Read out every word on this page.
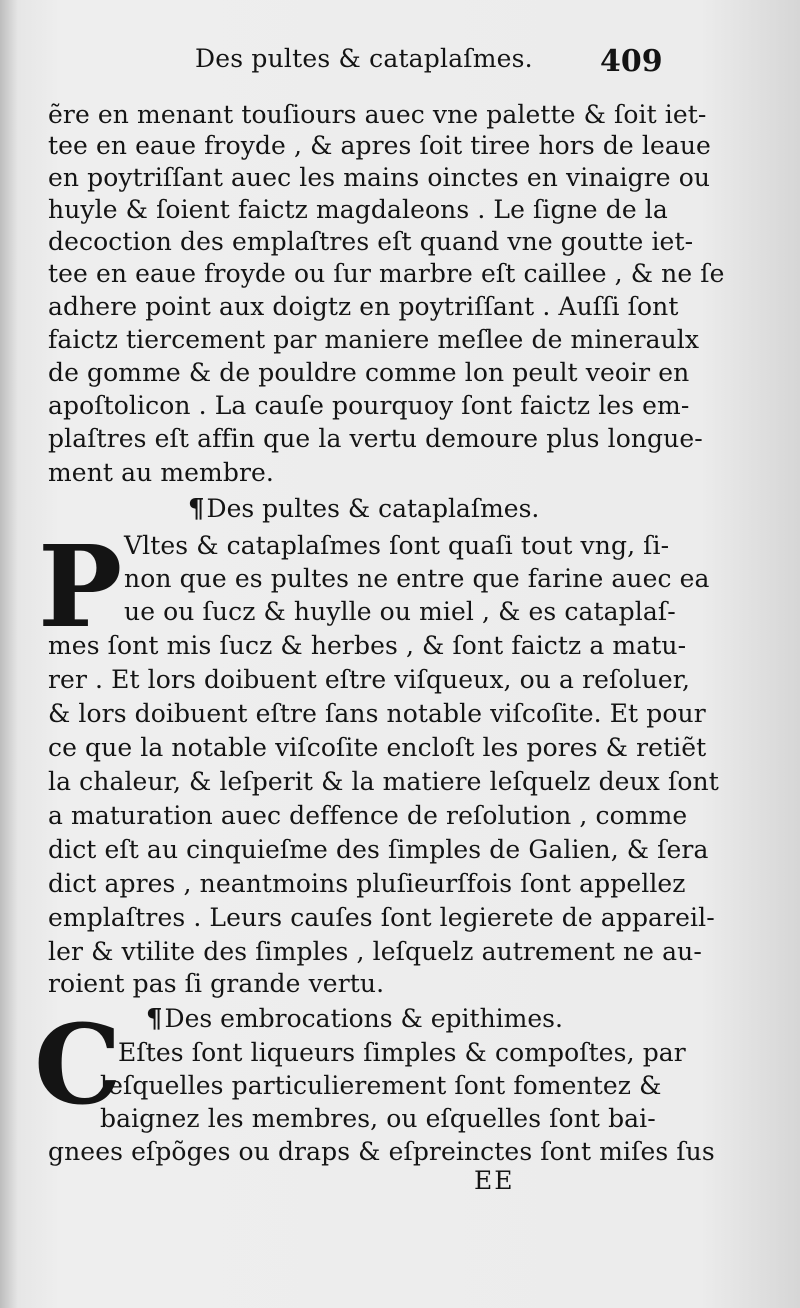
Des pultes & cataplaſmes.	409
ẽre en menant touſiours auec vne palette & ſoit iet-
tee en eaue froyde , & apres ſoit tiree hors de leaue
en poytriſſant auec les mains oinctes en vinaigre ou
huyle & ſoient faictz magdaleons . Le ſigne de la
decoction des emplaſtres eſt quand vne goutte iet-
tee en eaue froyde ou ſur marbre eſt caillee , & ne ſe
adhere point aux doigtz en poytriſſant . Auſſi ſont
faictz tiercement par maniere meſlee de mineraulx
de gomme & de pouldre comme lon peult veoir en
apoſtolicon . La cauſe pourquoy ſont faictz les em-
plaſtres eſt affin que la vertu demoure plus longue-
ment au membre.
¶Des pultes & cataplaſmes.
P Vltes & cataplaſmes ſont quaſi tout vng, ſi-
non que es pultes ne entre que farine auec ea
ue ou ſucz & huylle ou miel , & es cataplaſ-
mes ſont mis ſucz & herbes , & ſont faictz a matu-
rer . Et lors doibuent eſtre viſqueux, ou a reſoluer,
& lors doibuent eſtre ſans notable viſcoſite. Et pour
ce que la notable viſcoſite encloſt les pores & retiẽt
la chaleur, & leſperit & la matiere leſquelz deux ſont
a maturation auec deffence de reſolution , comme
dict eſt au cinquieſme des ſimples de Galien, & ſera
dict apres , neantmoins pluſieurſfois ſont appellez
emplaſtres . Leurs cauſes ſont legierete de appareil-
ler & vtilite des ſimples , leſquelz autrement ne au-
roient pas ſi grande vertu.
¶Des embrocations & epithimes.
C
Eſtes ſont liqueurs ſimples & compoſtes, par
leſquelles particulierement ſont fomentez &
baignez les membres, ou eſquelles ſont bai-
gnees eſpõges ou draps & eſpreinctes ſont miſes ſus
EE
